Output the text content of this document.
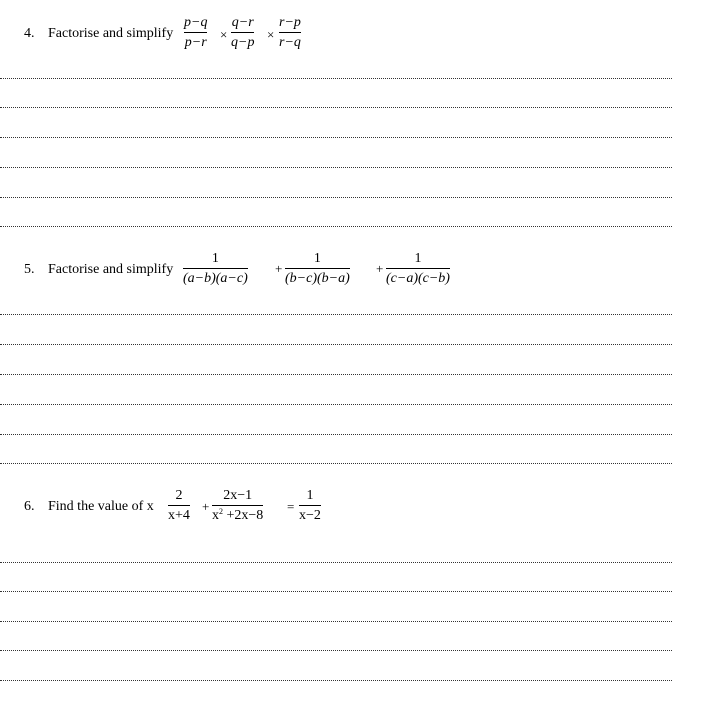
4. Factorise and simplify
p−q
p−r
×
q−r
q−p
×
r−p
r−q
5. Factorise and simplify
1
(a−b)(a−c)
+
1
(b−c)(b−a)
+
1
(c−a)(c−b)
6. Find the value of x
2
x+4
+
2x−1
$x^2 +2x-8$
=
1
x−2
